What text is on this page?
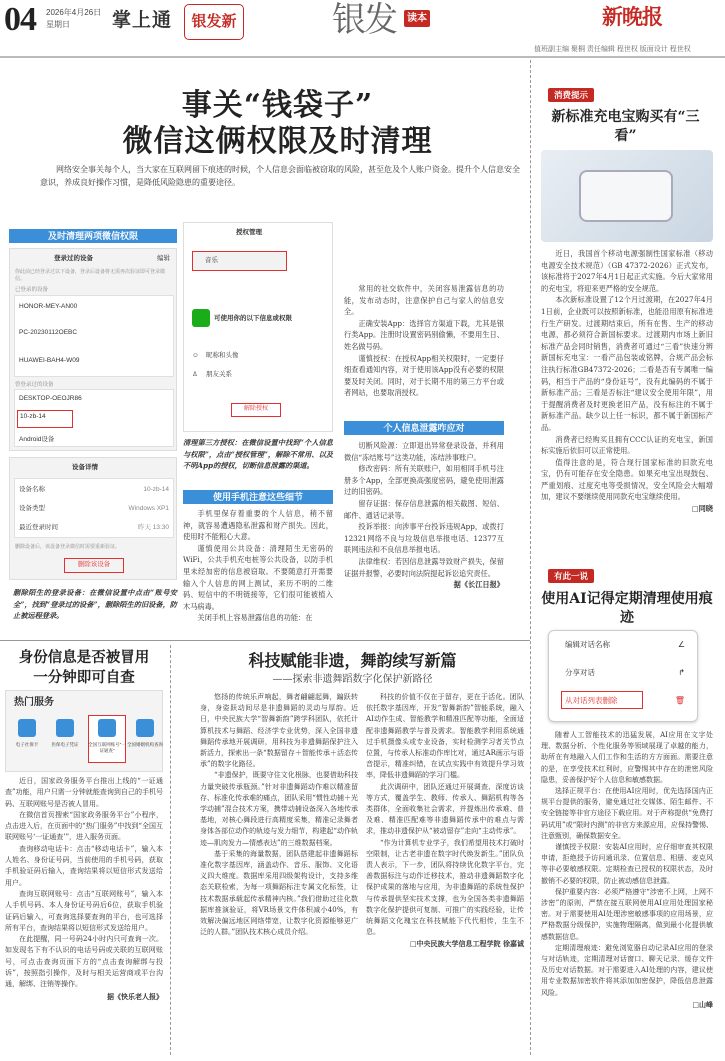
04 2026年4月26日
星期日	掌上通	银发新	银发	读本	新晚报
值班副主编 聚桐 责任编辑 程世权 版面设计 程世权
事关“钱袋子”
微信这俩权限及时清理
网络安全事关每个人，当大家在互联网留下痕迹的时候，个人信息会面临被窃取的风险，甚至危及个人账户资金。提升个人信息安全意识，养成良好操作习惯，是降低风险隐患的重要途径。
及时清理两项微信权限
登录过的设备	编辑
你此前已经登录过以下设备，登录后设备将无需再次验证即可登录微信。
已登录的设备
HONOR-MEY-AN00
PC-20230112OEBC
HUAWEI-BAH4-W09
曾登录过的设备
DESKTOP-OEOJR86
10-zb-14
Android设备
设备详情
设备名称	10-zb-14
设备类型	Windows XP1
最近登录时间	昨天 13:30
删除设备后，该设备登录微信时需要重新验证。
删除该设备
删除陌生的登录设备：在微信设置中点击“账号安全”，找到“登录过的设备”，删除陌生的旧设备，防止被远程登录。
授权管理
音乐
可使用你的以下信息或权限
☺ 昵称和头像
♙ 朋友关系
解除授权
清理第三方授权：在微信设置中找到“个人信息与权限”，点击“授权管理”，解除不常用、以及不明App的授权，切断信息泄露的渠道。
使用手机注意这些细节

手机里保存着重要的个人信息，稍不留神，就容易遭遇隐私泄露和财产损失。因此，使用时不能粗心大意。

谨慎使用公共设备：清理陌生无密码的WiFi，公共手机充电桩等公共设备，以防手机里未经加密的信息被窃取。不要随意打开需要输入个人信息的网上测试，来历不明的二维码、短信中的不明链接等，它们很可能被植入木马病毒。

关闭手机上容易泄露信息的功能：在

常用的社交软件中，关闭容易泄露信息的功能，发布动态时，注意保护自己与家人的信息安全。

正确安装App：选择官方渠道下载，尤其是银行类App。注册时设置密码别偷懒，不要用生日、姓名做号码。

谨慎授权：在授权App相关权限时，一定要仔细查看通知内容，对于使用该App没有必要的权限要及时关闭。同时，对于长期不用的第三方平台或者网站，也要取消授权。

个人信息泄露咋应对

切断风险源：立即退出异常登录设备，并利用微信“冻结账号”这类功能，冻结涉事账户。

修改密码：所有关联账户，如用相同手机号注册多个App，全部更换高强度密码，避免使用泄露过的旧密码。

留存证据：保存信息泄露的相关截图、短信、邮件、通话记录等。

投诉举报：向涉事平台投诉违规App，或拨打12321网络不良与垃圾信息举报电话、12377互联网违法和不良信息举报电话。

法律维权：若因信息泄露导致财产损失，保留证据并报警，必要时向法院提起诉讼追究责任。

据《长江日报》
消费提示
新标准充电宝购买有“三看”

近日，我国首个移动电源强制性国家标准（移动电源安全技术规范）（GB 47372-2026）正式发布，该标准将于2027年4月1日起正式实施。今后大家常用的充电宝，将迎来更严格的安全规范。

本次新标准设置了12个月过渡期，在2027年4月1日前，企业既可以按照新标准，也能沿用原有标准进行生产研发。过渡期结束后，所有在售、生产的移动电源，都必须符合新国标要求。过渡期内市场上新旧标准产品会同时销售，消费者可通过“三看”快速分辨新国标充电宝：一看产品包装或铭牌，合规产品会标注执行标准GB47372-2026；二看是否有专属唯一编码，相当于产品的“身份证号”，没有此编码的不属于新标准产品；三看是否标注“建议安全使用年限”，用于提醒消费者及时更换老旧产品，没有标注的不属于新标准产品。缺少以上任一标识，都不属于新国标产品。

消费者已经购买且拥有CCC认证的充电宝，新国标实施后依旧可以正常使用。

值得注意的是，符合现行国家标准的旧款充电宝，仍有可能存在安全隐患。如果充电宝出现鼓包、严重划痕、过度充电等受损情况，安全风险会大幅增加，建议不要继续使用同款充电宝继续使用。

□同晓
有此一说
使用AI记得定期清理使用痕迹
编辑对话名称	∠
分享对话	↱
从对话列表删除	🗑

随着人工智能技术的迅猛发展，AI应用在文字处理、数据分析、个性化服务等领域展现了卓越的能力，助所在有地融入人们工作和生活的方方面面。需要注意的是，在享受技术红利时，应警惕其中存在的泄密风险隐患，妥善保护好个人信息和敏感数据。

选择正规平台：在使用AI应用时，优先选择国内正规平台提供的服务，避免通过社交媒体、陌生邮件、不安全链接等非官方途径下载应用。对于声称提供“免费打码试用”或“限时内测”的非官方来源应用，应保持警惕、注意甄别，确保数据安全。

谨慎授予权限：安装AI应用时，应仔细审查其权限申请，拒绝授予访问通讯录、位置信息、相册、麦克风等非必要敏感权限。定期检查已授权的权限状态，及时撤销不必要的权限，防止被动感信息泄露。

保护重要内容：必须严格遵守“涉密不上网，上网不涉密”的原则，严禁在接互联网使用AI应用处理国家秘密。对于需要使用AI处理涉密敏感事项的应用场景，应严格数据分级保护，实施物理隔离，做到最小化提供敏感数据信息。

定期清理痕迹：避免浏览器自动记录AI应用的登录与对话轨迹，定期清理对话窗口、聊天记录、缓存文件及历史对话数据。对于需要进入AI处理的内容，建议使用专业数据加密软件将其添加加密保护，降低信息泄露风险。

□山峰
身份信息是否被冒用
一分钟即可自查
热门服务
电子社保卡	医保电子凭证	全国互联网账号“一证通查”
全国婚姻机构查询

近日，国家政务服务平台推出上线的“一证通查”功能，用户只需一分钟就能查询到自己的手机号码、互联网账号是否被人冒用。

在微信首页搜索“国家政务服务平台”小程序，点击进入后，在页面中的“热门服务”中找到“全国互联网账号‘一证通查’”，进入服务页面。

查询移动电话卡：点击“移动电话卡”，输入本人姓名、身份证号码，当前使用的手机号码，获取手机验证码后输入，查询结果将以短信形式发送给用户。

查询互联网账号：点击“互联网账号”，输入本人手机号码、本人身份证号码后6位，获取手机验证码后输入，可查询选择要查询的平台，也可选择所有平台，查询结果将以短信形式发送给用户。

在此提醒，同一号码24小时内只可查询一次。如发现名下有不认识的电话号码或关联的互联网账号，可点击查询页面下方的“点击查询解绑与投诉”，按照指引操作，及时与相关运营商或平台沟通，解绑、注销等操作。

据《快乐老人报》
科技赋能非遗，舞韵续写新篇
——探索非遗舞蹈数字化保护新路径

悠扬的传统乐声响起，舞者翩翩起舞，蹁跃转身，身姿跃动间尽是非遗舞蹈的灵动与厚韵。近日，中央民族大学“智舞新韵”跨学科团队，依托计算机技术与舞蹈、经济学专业优势，深入全国非遗舞蹈传承地开展调研，用科技为非遗舞蹈保护注入新活力，探索出一条“数据留存＋智能传承＋活态传承”的数字化路径。

“非遗保护，既要守住文化根脉，也要借助科技力量突破传承瓶颈。”针对非遗舞蹈动作难以精准留存、标准化传承难的痛点，团队采用“惯性动捕＋光学动捕”混合技术方案，携带动捕设备深入各地传承基地，对核心舞段进行高精度采集，精准记录舞者身体各部位动作的轨迹与发力细节，构建起“动作轨迹—肌肉发力—情感表达”的三维数据档案。

基于采集的海量数据，团队搭建起非遗舞蹈标准化数字基因库，涵盖动作、音乐、服饰、文化语义四大维度。数据库采用四级架构设计，支持多维态关联检索，为每一项舞蹈标注专属文化标签，让技术数据承载起传承精神内核。”我们借助过往化数据库推演验证，将VR场景文件体积减小40%，有效解决偏远地区网络带宽，让数字化资源能够更广泛的人群。”团队技术核心成员介绍。

科技的价值不仅在于留存，更在于活化。团队依托数字基因库，开发“智舞新韵”智能系统，融入AI动作生成、智能教学和精准匹配等功能，全面适配非遗舞蹈教学与普及需求。智能教学利用系统通过手机摄像头或专业设备，实时检测学习者关节点位置，与传承人标准动作库比对，通过AR画示与语音提示，精准纠错，在试点实践中有效提升学习效率，降低非遗舞蹈的学习门槛。

此次调研中，团队还通过开展调查、深度访谈等方式，覆盖学生、教师、传承人、舞蹈机构等各类群体，全面收集社会需求，并提炼出传承难、普及难、精准匹配难等非遗舞蹈传承中的难点与需求，推动非遗保护从“被动留存”走向“主动传承”。

“作为计算机专业学子，我们希望用技术打破时空限制，让古老非遗在数字时代焕发新生。”团队负责人表示，下一步，团队将持续优化数字平台，完善数据标注与动作迁移技术，推动非遗舞蹈数字化保护成果的落地与应用，为非遗舞蹈的系统性保护与传承提供坚实技术支撑，也为全国各类非遗舞蹈数字化保护提供可复制、可推广的实践经验，让传统舞蹈文化瑰宝在科技赋能下代代相传，生生不息。

□中央民族大学信息工程学院 徐嘉诚
